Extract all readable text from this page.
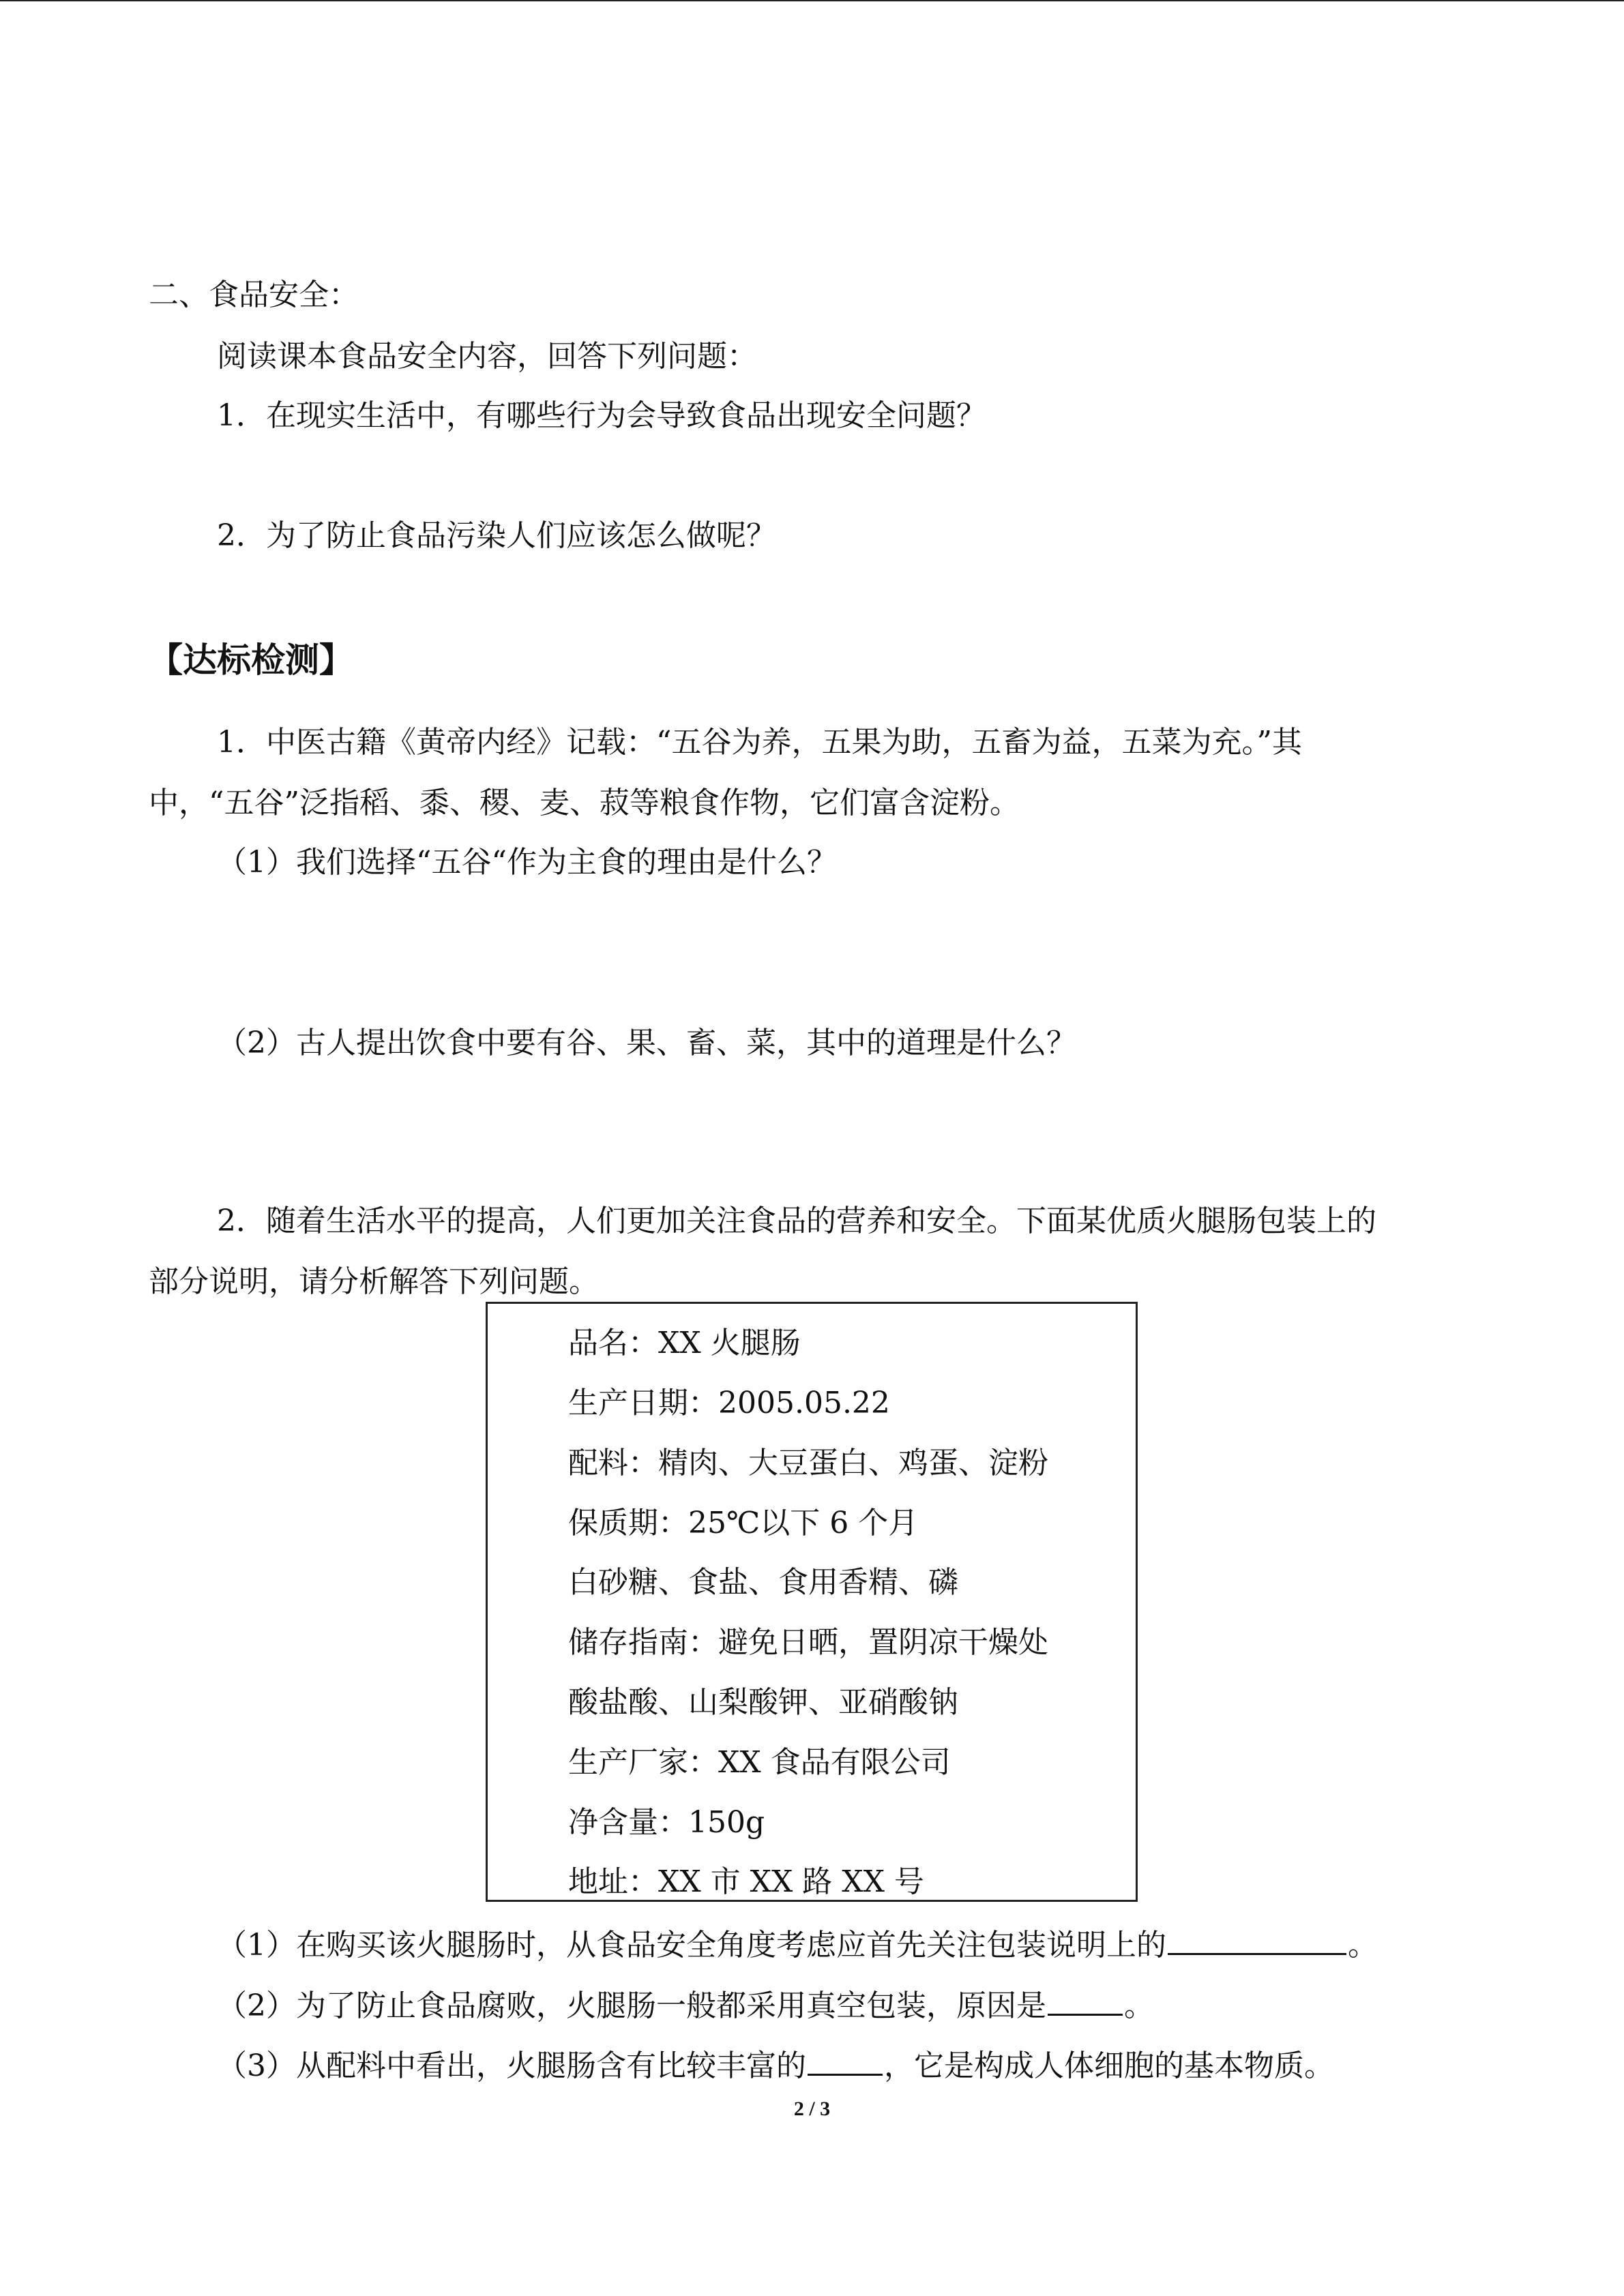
二、食品安全：
阅读课本食品安全内容，回答下列问题：
1．在现实生活中，有哪些行为会导致食品出现安全问题？
2．为了防止食品污染人们应该怎么做呢？
【达标检测】
1．中医古籍《黄帝内经》记载：“五谷为养，五果为助，五畜为益，五菜为充。”其
中，“五谷”泛指稻、黍、稷、麦、菽等粮食作物，它们富含淀粉。
（1）我们选择“五谷“作为主食的理由是什么？
（2）古人提出饮食中要有谷、果、畜、菜，其中的道理是什么？
2．随着生活水平的提高，人们更加关注食品的营养和安全。下面某优质火腿肠包装上的
部分说明，请分析解答下列问题。
品名：XX 火腿肠
生产日期：2005.05.22
配料：精肉、大豆蛋白、鸡蛋、淀粉
保质期：25℃以下 6 个月
白砂糖、食盐、食用香精、磷
储存指南：避免日晒，置阴凉干燥处
酸盐酸、山梨酸钾、亚硝酸钠
生产厂家：XX 食品有限公司
净含量：150g
地址：XX 市 XX 路 XX 号
（1）在购买该火腿肠时，从食品安全角度考虑应首先关注包装说明上的	。
（2）为了防止食品腐败，火腿肠一般都采用真空包装，原因是	。
（3）从配料中看出，火腿肠含有比较丰富的	，它是构成人体细胞的基本物质。
2 / 3
